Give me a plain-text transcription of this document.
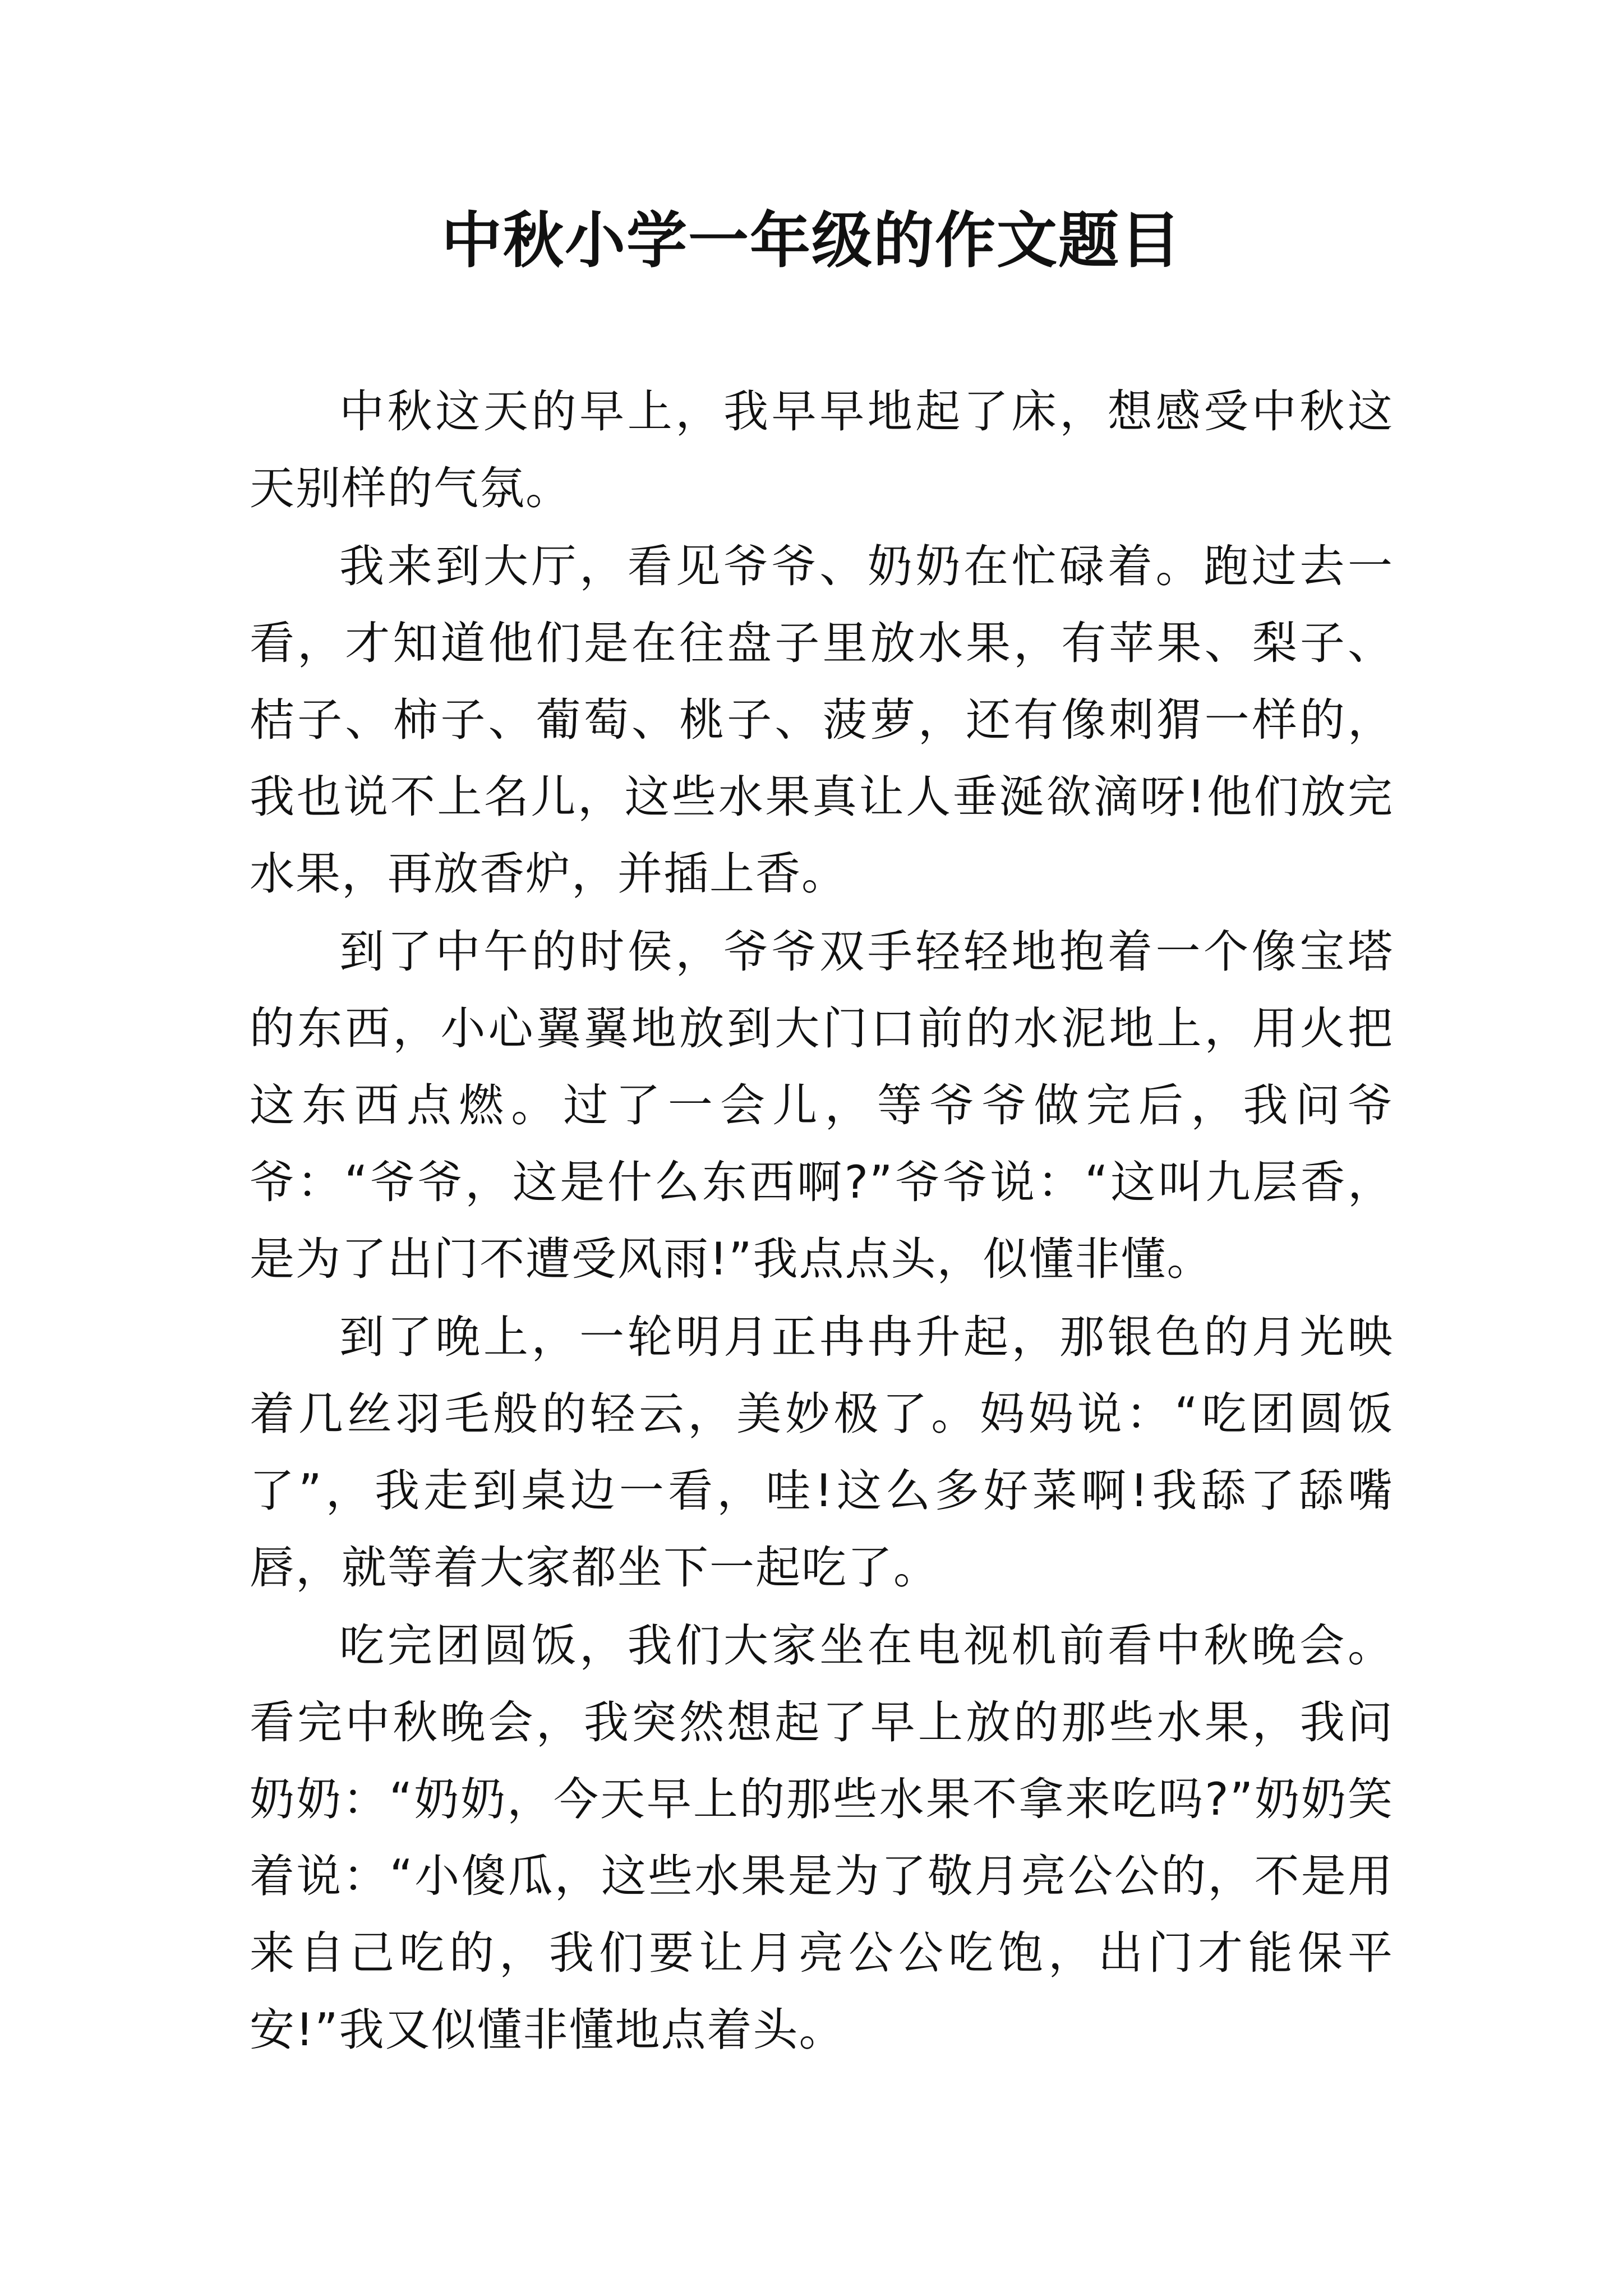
中秋小学一年级的作文题目

中秋这天的早上，我早早地起了床，想感受中秋这天别样的气氛。

我来到大厅，看见爷爷、奶奶在忙碌着。跑过去一看，才知道他们是在往盘子里放水果，有苹果、梨子、桔子、柿子、葡萄、桃子、菠萝，还有像刺猬一样的，我也说不上名儿，这些水果真让人垂涎欲滴呀!他们放完水果，再放香炉，并插上香。

到了中午的时侯，爷爷双手轻轻地抱着一个像宝塔的东西，小心翼翼地放到大门口前的水泥地上，用火把这东西点燃。过了一会儿，等爷爷做完后，我问爷爷：“爷爷，这是什么东西啊?”爷爷说：“这叫九层香，是为了出门不遭受风雨!”我点点头，似懂非懂。

到了晚上，一轮明月正冉冉升起，那银色的月光映着几丝羽毛般的轻云，美妙极了。妈妈说：“吃团圆饭了”，我走到桌边一看，哇!这么多好菜啊!我舔了舔嘴唇，就等着大家都坐下一起吃了。

吃完团圆饭，我们大家坐在电视机前看中秋晚会。看完中秋晚会，我突然想起了早上放的那些水果，我问奶奶：“奶奶，今天早上的那些水果不拿来吃吗?”奶奶笑着说：“小傻瓜，这些水果是为了敬月亮公公的，不是用来自己吃的，我们要让月亮公公吃饱，出门才能保平安!”我又似懂非懂地点着头。
